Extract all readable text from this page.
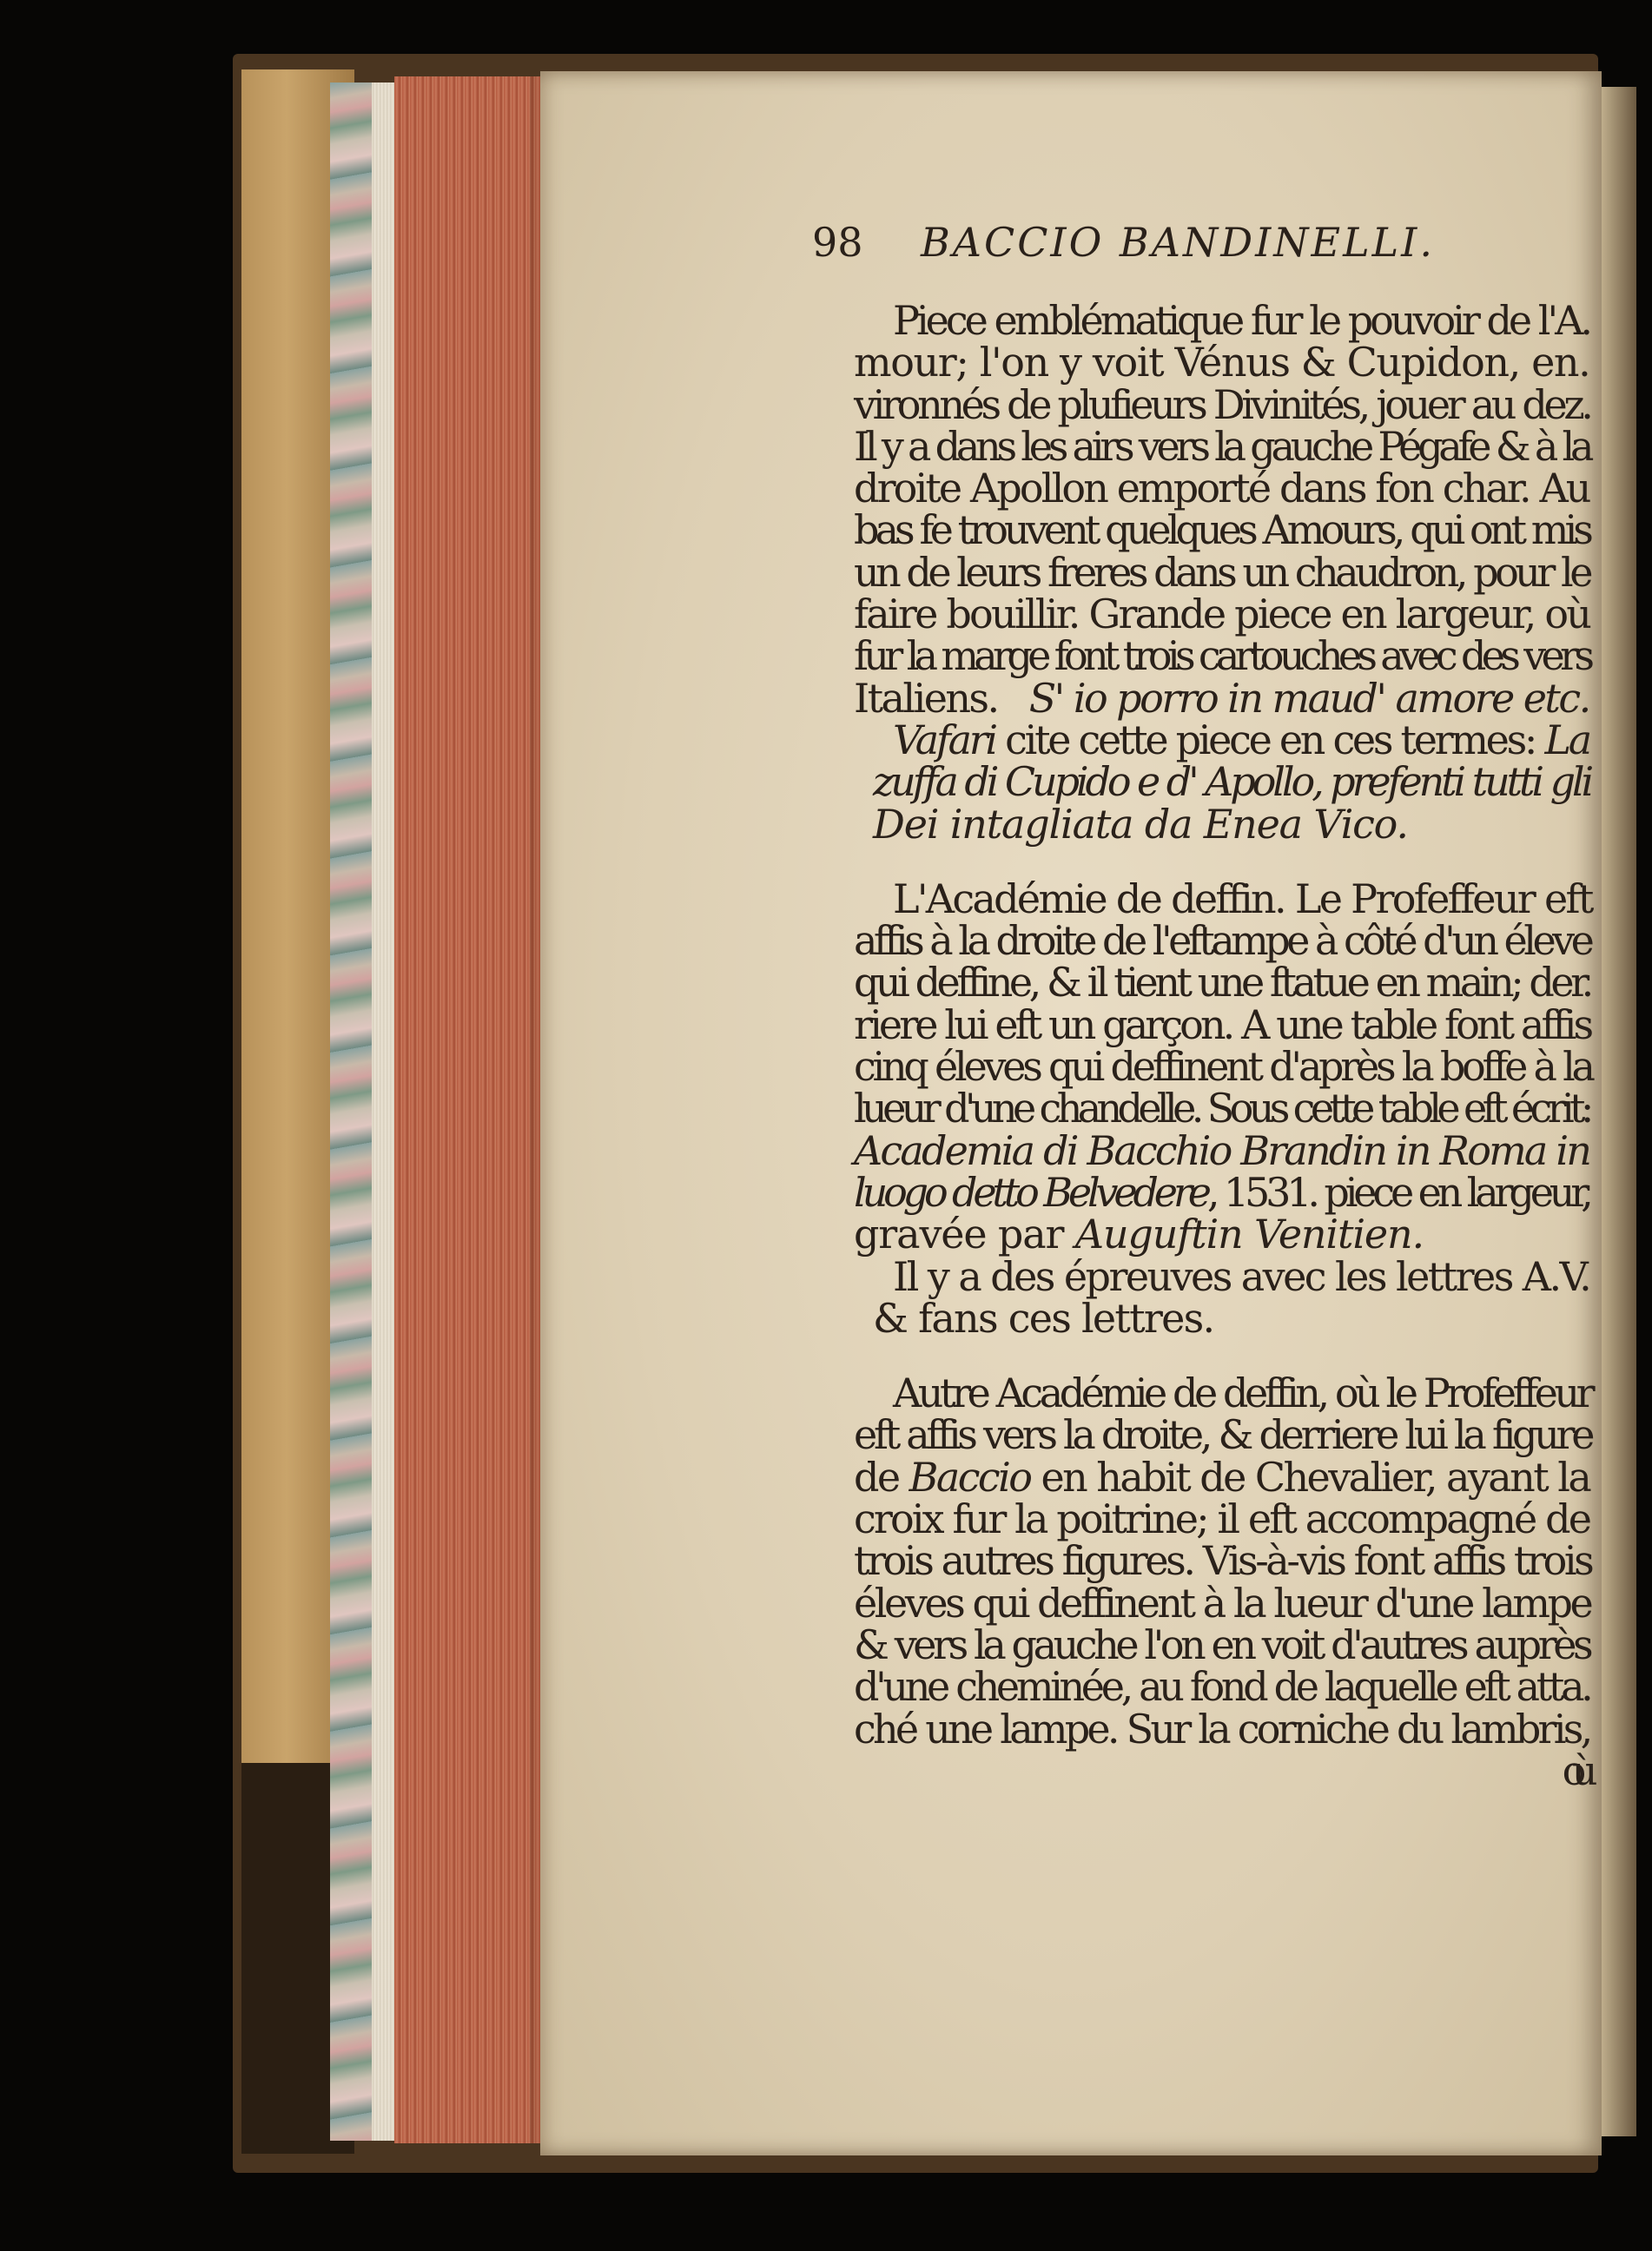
98 BACCIO BANDINELLI.
Piece emblématique fur le pouvoir de l'A.
mour; l'on y voit Vénus & Cupidon, en.
vironnés de plufieurs Divinités, jouer au dez.
Il y a dans les airs vers la gauche Pégafe & à la
droite Apollon emporté dans fon char. Au
bas fe trouvent quelques Amours, qui ont mis
un de leurs freres dans un chaudron, pour le
faire bouillir. Grande piece en largeur, où
fur la marge font trois cartouches avec des vers
Italiens. S' io porro in maud' amore etc.
Vafari cite cette piece en ces termes: La
zuffa di Cupido e d' Apollo, prefenti tutti gli
Dei intagliata da Enea Vico.
L'Académie de deffin. Le Profeffeur eft
affis à la droite de l'eftampe à côté d'un éleve
qui deffine, & il tient une ftatue en main; der.
riere lui eft un garçon. A une table font affis
cinq éleves qui deffinent d'après la boffe à la
lueur d'une chandelle. Sous cette table eft écrit:
Academia di Bacchio Brandin in Roma in
luogo detto Belvedere, 1531. piece en largeur,
gravée par Auguftin Venitien.
Il y a des épreuves avec les lettres A.V.
& fans ces lettres.
Autre Académie de deffin, où le Profeffeur
eft affis vers la droite, & derriere lui la figure
de Baccio en habit de Chevalier, ayant la
croix fur la poitrine; il eft accompagné de
trois autres figures. Vis-à-vis font affis trois
éleves qui deffinent à la lueur d'une lampe
& vers la gauche l'on en voit d'autres auprès
d'une cheminée, au fond de laquelle eft atta.
ché une lampe. Sur la corniche du lambris,
où
